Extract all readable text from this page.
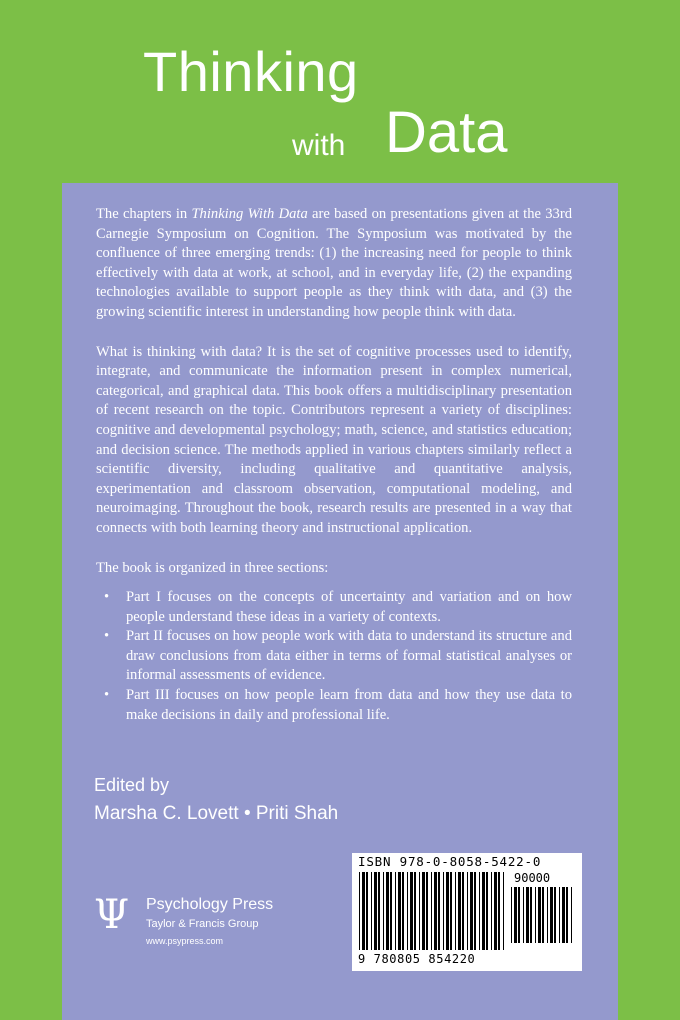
Thinking
with Data

The chapters in Thinking With Data are based on presentations given at the 33rd Carnegie Symposium on Cognition. The Symposium was motivated by the confluence of three emerging trends: (1) the increasing need for people to think effectively with data at work, at school, and in everyday life, (2) the expanding technologies available to support people as they think with data, and (3) the growing scientific interest in understanding how people think with data.

What is thinking with data? It is the set of cognitive processes used to identify, integrate, and communicate the information present in complex numerical, categorical, and graphical data. This book offers a multidisciplinary presentation of recent research on the topic. Contributors represent a variety of disciplines: cognitive and developmental psychology; math, science, and statistics education; and decision science. The methods applied in various chapters similarly reflect a scientific diversity, including qualitative and quantitative analysis, experimentation and classroom observation, computational modeling, and neuroimaging. Throughout the book, research results are presented in a way that connects with both learning theory and instructional application.

The book is organized in three sections:

• Part I focuses on the concepts of uncertainty and variation and on how people understand these ideas in a variety of contexts.
• Part II focuses on how people work with data to understand its structure and draw conclusions from data either in terms of formal statistical analyses or informal assessments of evidence.
• Part III focuses on how people learn from data and how they use data to make decisions in daily and professional life.
Edited by
Marsha C. Lovett • Priti Shah
Ψ Psychology Press
Taylor & Francis Group
www.psypress.com
ISBN 978-0-8058-5422-0
90000
9 780805 854220
